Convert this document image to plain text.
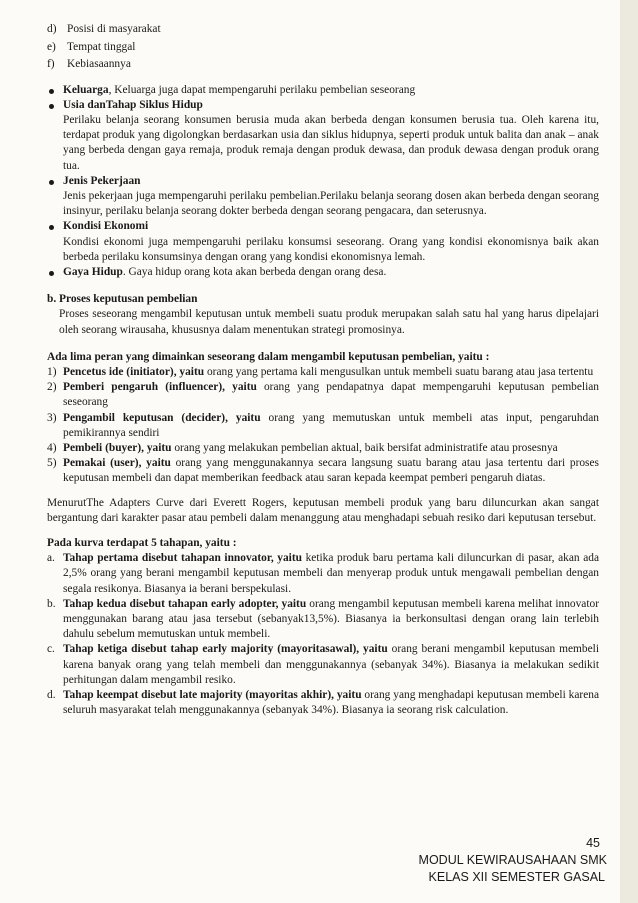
d) Posisi di masyarakat
e) Tempat tinggal
f) Kebiasaannya
Keluarga, Keluarga juga dapat mempengaruhi perilaku pembelian seseorang
Usia danTahap Siklus Hidup
Perilaku belanja seorang konsumen berusia muda akan berbeda dengan konsumen berusia tua. Oleh karena itu, terdapat produk yang digolongkan berdasarkan usia dan siklus hidupnya, seperti produk untuk balita dan anak – anak yang berbeda dengan gaya remaja, produk remaja dengan produk dewasa, dan produk dewasa dengan produk orang tua.
Jenis Pekerjaan
Jenis pekerjaan juga mempengaruhi perilaku pembelian.Perilaku belanja seorang dosen akan berbeda dengan seorang insinyur, perilaku belanja seorang dokter berbeda dengan seorang pengacara, dan seterusnya.
Kondisi Ekonomi
Kondisi ekonomi juga mempengaruhi perilaku konsumsi seseorang. Orang yang kondisi ekonomisnya baik akan berbeda perilaku konsumsinya dengan orang yang kondisi ekonomisnya lemah.
Gaya Hidup. Gaya hidup orang kota akan berbeda dengan orang desa.

b. Proses keputusan pembelian

Proses seseorang mengambil keputusan untuk membeli suatu produk merupakan salah satu hal yang harus dipelajari oleh seorang wirausaha, khususnya dalam menentukan strategi promosinya.

Ada lima peran yang dimainkan seseorang dalam mengambil keputusan pembelian, yaitu :

1) Pencetus ide (initiator), yaitu orang yang pertama kali mengusulkan untuk membeli suatu barang atau jasa tertentu
2) Pemberi pengaruh (influencer), yaitu orang yang pendapatnya dapat mempengaruhi keputusan pembelian seseorang
3) Pengambil keputusan (decider), yaitu orang yang memutuskan untuk membeli atas input, pengaruhdan pemikirannya sendiri
4) Pembeli (buyer), yaitu orang yang melakukan pembelian aktual, baik bersifat administratife atau prosesnya
5) Pemakai (user), yaitu orang yang menggunakannya secara langsung suatu barang atau jasa tertentu dari proses keputusan membeli dan dapat memberikan feedback atau saran kepada keempat pemberi pengaruh diatas.

MenurutThe Adapters Curve dari Everett Rogers, keputusan membeli produk yang baru diluncurkan akan sangat bergantung dari karakter pasar atau pembeli dalam menanggung atau menghadapi sebuah resiko dari keputusan tersebut.

Pada kurva terdapat 5 tahapan, yaitu :

a. Tahap pertama disebut tahapan innovator, yaitu ketika produk baru pertama kali diluncurkan di pasar, akan ada 2,5% orang yang berani mengambil keputusan membeli dan menyerap produk untuk mengawali pembelian dengan segala resikonya. Biasanya ia berani berspekulasi.
b. Tahap kedua disebut tahapan early adopter, yaitu orang mengambil keputusan membeli karena melihat innovator menggunakan barang atau jasa tersebut (sebanyak13,5%). Biasanya ia berkonsultasi dengan orang lain terlebih dahulu sebelum memutuskan untuk membeli.
c. Tahap ketiga disebut tahap early majority (mayoritasawal), yaitu orang berani mengambil keputusan membeli karena banyak orang yang telah membeli dan menggunakannya (sebanyak 34%). Biasanya ia melakukan sedikit perhitungan dalam mengambil resiko.
d. Tahap keempat disebut late majority (mayoritas akhir), yaitu orang yang menghadapi keputusan membeli karena seluruh masyarakat telah menggunakannya (sebanyak 34%). Biasanya ia seorang risk calculation.
45
MODUL KEWIRAUSAHAAN SMK
KELAS XII SEMESTER GASAL
